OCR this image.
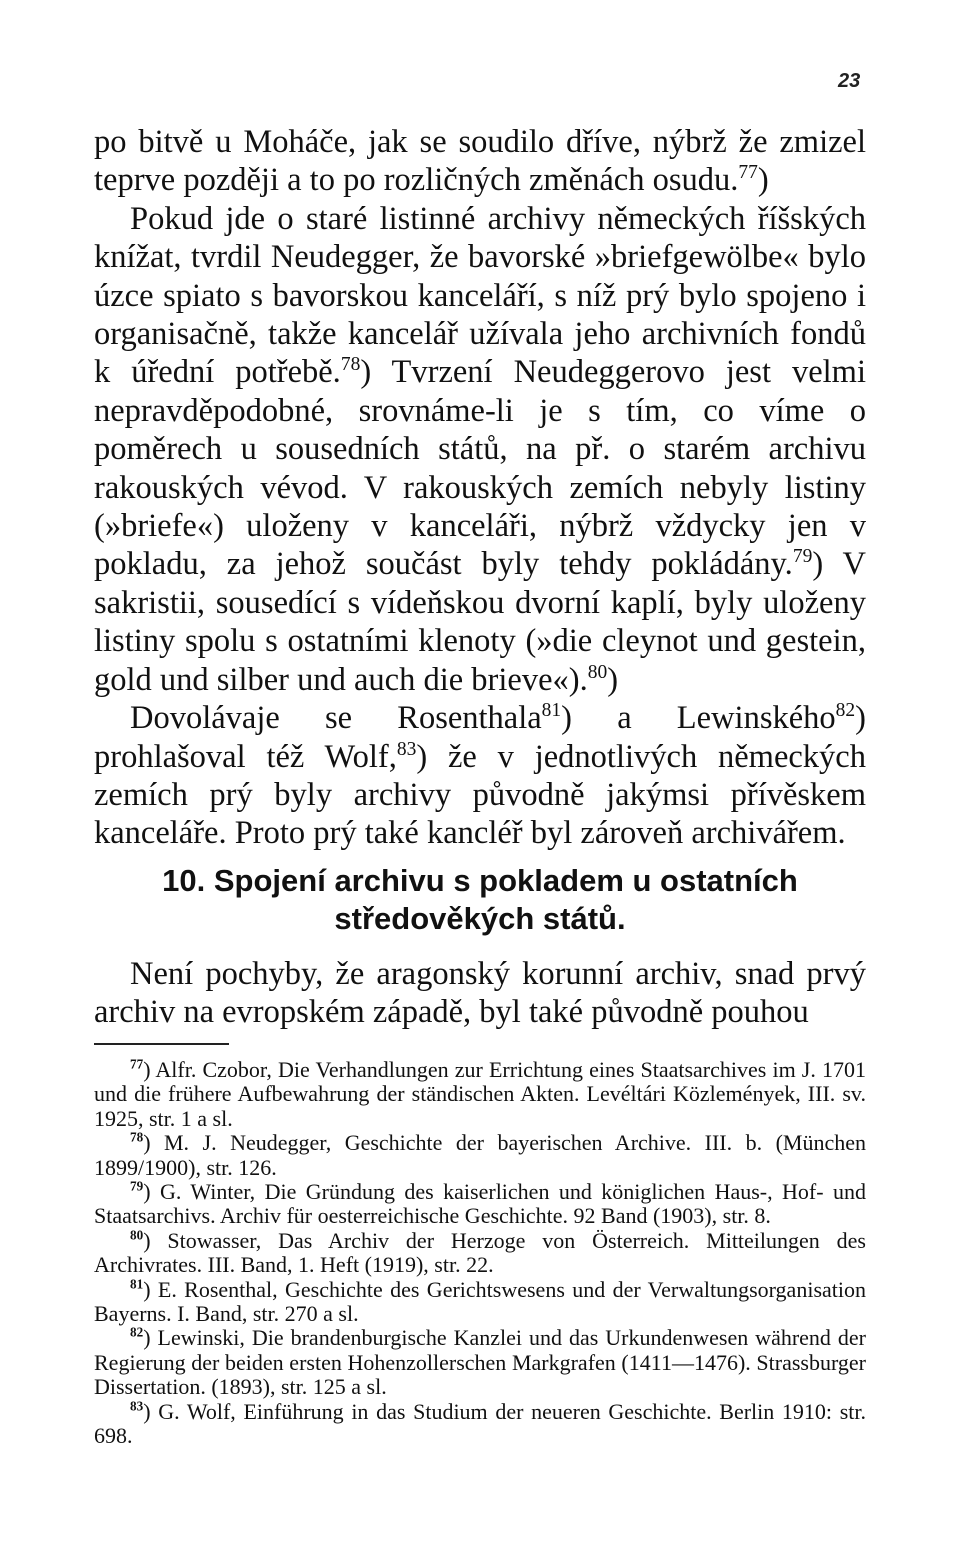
23

po bitvě u Moháče, jak se soudilo dříve, nýbrž že zmizel teprve později a to po rozličných změnách osudu.$^{77}$)

Pokud jde o staré listinné archivy německých říšských knížat, tvrdil Neudegger, že bavorské »briefgewölbe« bylo úzce spiato s bavorskou kanceláří, s níž prý bylo spojeno i organisačně, takže kancelář užívala jeho archivních fondů k úřední potřebě.$^{78}$) Tvrzení Neudeggerovo jest velmi nepravděpodobné, srovnáme-li je s tím, co víme o poměrech u sousedních států, na př. o starém archivu rakouských vévod. V rakouských zemích nebyly listiny (»briefe«) uloženy v kanceláři, nýbrž vždycky jen v pokladu, za jehož součást byly tehdy pokládány.$^{79}$) V sakristii, sousedící s vídeňskou dvorní kaplí, byly uloženy listiny spolu s ostatními klenoty (»die cleynot und gestein, gold und silber und auch die brieve«).$^{80}$)

Dovolávaje se Rosenthala$^{81}$) a Lewinského$^{82}$) prohlašoval též Wolf,$^{83}$) že v jednotlivých německých zemích prý byly archivy původně jakýmsi přívěskem kanceláře. Proto prý také kancléř byl zároveň archivářem.

10. Spojení archivu s pokladem u ostatních středověkých států.

Není pochyby, že aragonský korunní archiv, snad prvý archiv na evropském západě, byl také původně pouhou

$^{77}$) Alfr. Czobor, Die Verhandlungen zur Errichtung eines Staatsarchives im J. 1701 und die frühere Aufbewahrung der ständischen Akten. Levéltári Közlemények, III. sv. 1925, str. 1 a sl.

$^{78}$) M. J. Neudegger, Geschichte der bayerischen Archive. III. b. (München 1899/1900), str. 126.

$^{79}$) G. Winter, Die Gründung des kaiserlichen und königlichen Haus-, Hof- und Staatsarchivs. Archiv für oesterreichische Geschichte. 92 Band (1903), str. 8.

$^{80}$) Stowasser, Das Archiv der Herzoge von Österreich. Mitteilungen des Archivrates. III. Band, 1. Heft (1919), str. 22.

$^{81}$) E. Rosenthal, Geschichte des Gerichtswesens und der Verwaltungsorganisation Bayerns. I. Band, str. 270 a sl.

$^{82}$) Lewinski, Die brandenburgische Kanzlei und das Urkundenwesen während der Regierung der beiden ersten Hohenzollerschen Markgrafen (1411—1476). Strassburger Dissertation. (1893), str. 125 a sl.

$^{83}$) G. Wolf, Einführung in das Studium der neueren Geschichte. Berlin 1910: str. 698.
